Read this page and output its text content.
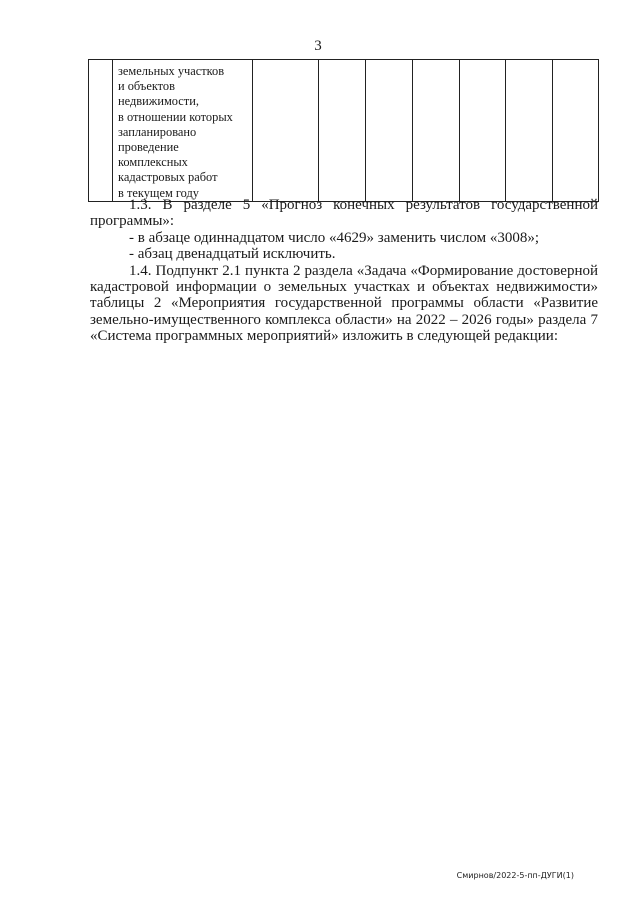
3

земельных участков
и объектов
недвижимости,
в отношении которых
запланировано
проведение
комплексных
кадастровых работ
в текущем году

1.3. В разделе 5 «Прогноз конечных результатов государственной
программы»:

- в абзаце одиннадцатом число «4629» заменить числом «3008»;

- абзац двенадцатый исключить.

1.4. Подпункт 2.1 пункта 2 раздела «Задача «Формирование достоверной кадастровой информации о земельных участках и объектах недвижимости» таблицы 2 «Мероприятия государственной программы области «Развитие земельно-имущественного комплекса области» на 2022 – 2026 годы» раздела 7 «Система программных мероприятий» изложить в следующей редакции:

Смирнов/2022-5-пп-ДУГИ(1)
